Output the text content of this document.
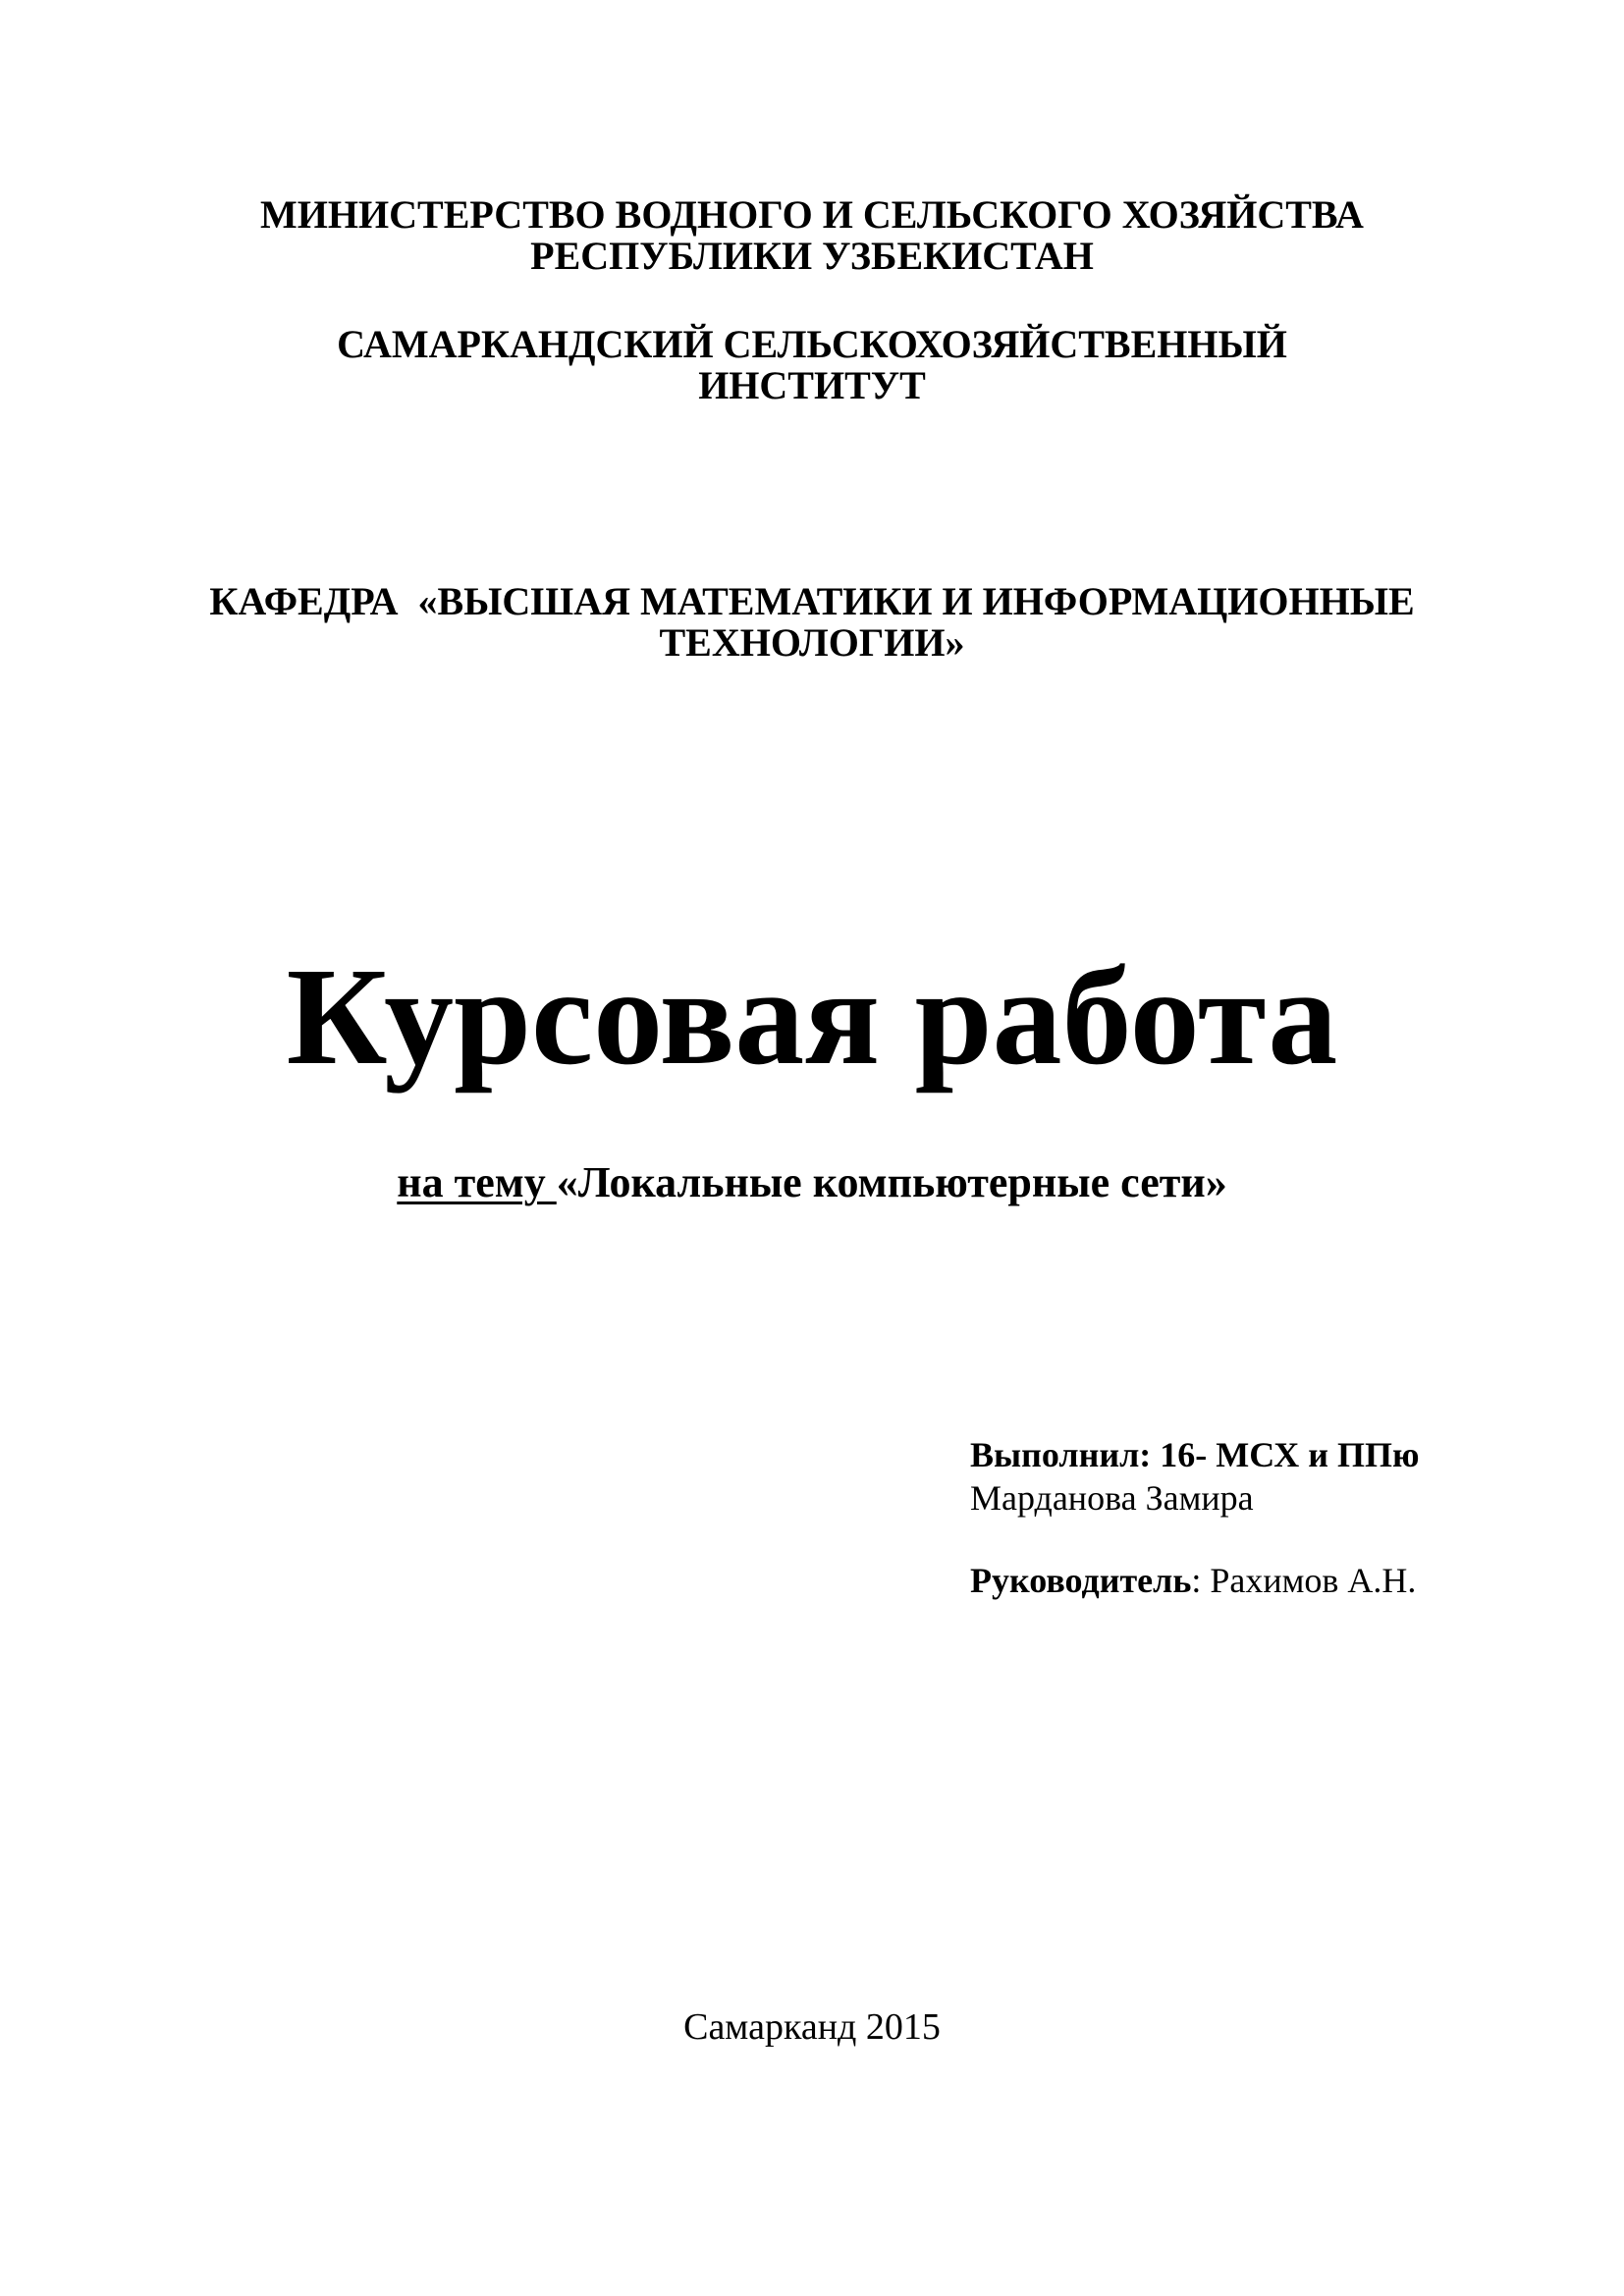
МИНИСТЕРСТВО ВОДНОГО И СЕЛЬСКОГО ХОЗЯЙСТВА

РЕСПУБЛИКИ УЗБЕКИСТАН

САМАРКАНДСКИЙ СЕЛЬСКОХОЗЯЙСТВЕННЫЙ

ИНСТИТУТ

КАФЕДРА  «ВЫСШАЯ МАТЕМАТИКИ И ИНФОРМАЦИОННЫЕ

ТЕХНОЛОГИИ»

Курсовая работа

на тему «Локальные компьютерные сети»

Выполнил: 16- МСХ и ППю

Марданова Замира

Руководитель: Рахимов А.Н.

Самарканд 2015
